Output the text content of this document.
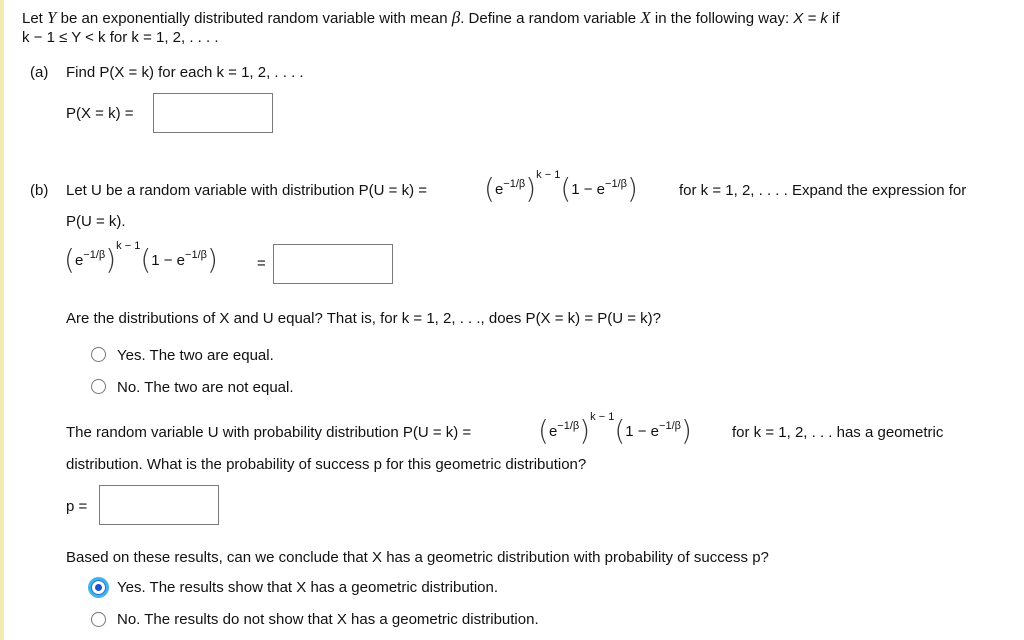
Let Y be an exponentially distributed random variable with mean β. Define a random variable X in the following way: X = k if
k − 1 ≤ Y < k for k = 1, 2, . . . .
(a) Find P(X = k) for each k = 1, 2, . . . .
P(X = k) =
(b) Let U be a random variable with distribution $P(U = k) = (e^{-1/\beta})^{k - 1}(1 - e^{-1/\beta})$	for k = 1, 2, . . . . Expand the expression for
P(U = k).
$(e^{-1/\beta})^{k - 1}(1 - e^{-1/\beta})$	=
Are the distributions of X and U equal? That is, for k = 1, 2, . . ., does P(X = k) = P(U = k)?
Yes. The two are equal.
No. The two are not equal.
The random variable U with probability distribution $P(U = k) = (e^{-1/\beta})^{k - 1}(1 - e^{-1/\beta})$	for k = 1, 2, . . . has a geometric
distribution. What is the probability of success p for this geometric distribution?
p =
Based on these results, can we conclude that X has a geometric distribution with probability of success p?
Yes. The results show that X has a geometric distribution.
No. The results do not show that X has a geometric distribution.
